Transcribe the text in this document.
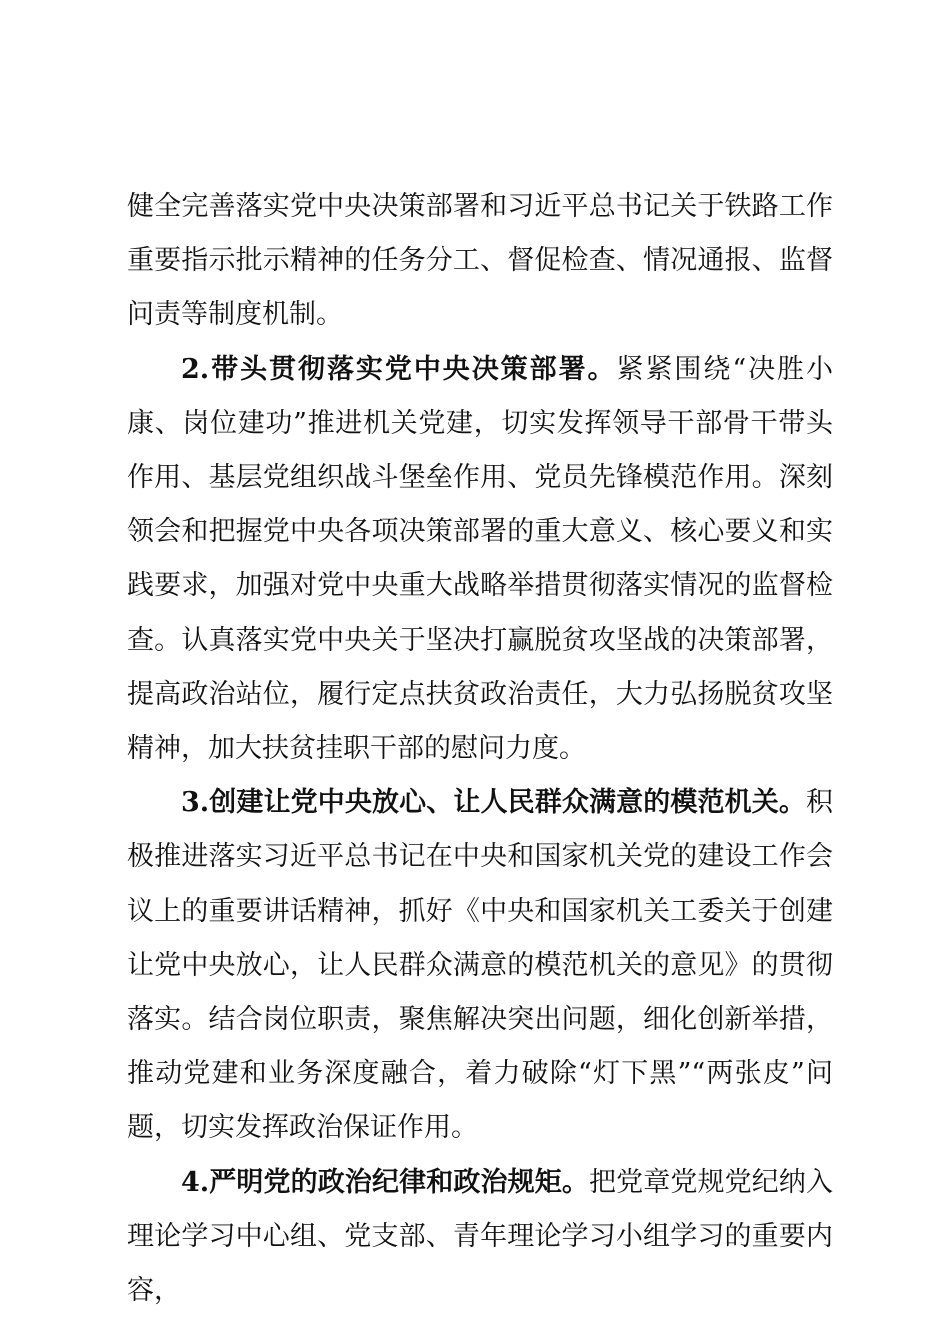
健全完善落实党中央决策部署和习近平总书记关于铁路工作重要指示批示精神的任务分工、督促检查、情况通报、监督问责等制度机制。

2.带头贯彻落实党中央决策部署。紧紧围绕“决胜小康、岗位建功”推进机关党建，切实发挥领导干部骨干带头作用、基层党组织战斗堡垒作用、党员先锋模范作用。深刻领会和把握党中央各项决策部署的重大意义、核心要义和实践要求，加强对党中央重大战略举措贯彻落实情况的监督检查。认真落实党中央关于坚决打赢脱贫攻坚战的决策部署，提高政治站位，履行定点扶贫政治责任，大力弘扬脱贫攻坚精神，加大扶贫挂职干部的慰问力度。

3.创建让党中央放心、让人民群众满意的模范机关。积极推进落实习近平总书记在中央和国家机关党的建设工作会议上的重要讲话精神，抓好《中央和国家机关工委关于创建让党中央放心，让人民群众满意的模范机关的意见》的贯彻落实。结合岗位职责，聚焦解决突出问题，细化创新举措，推动党建和业务深度融合，着力破除“灯下黑”“两张皮”问题，切实发挥政治保证作用。

4.严明党的政治纪律和政治规矩。把党章党规党纪纳入理论学习中心组、党支部、青年理论学习小组学习的重要内容，
